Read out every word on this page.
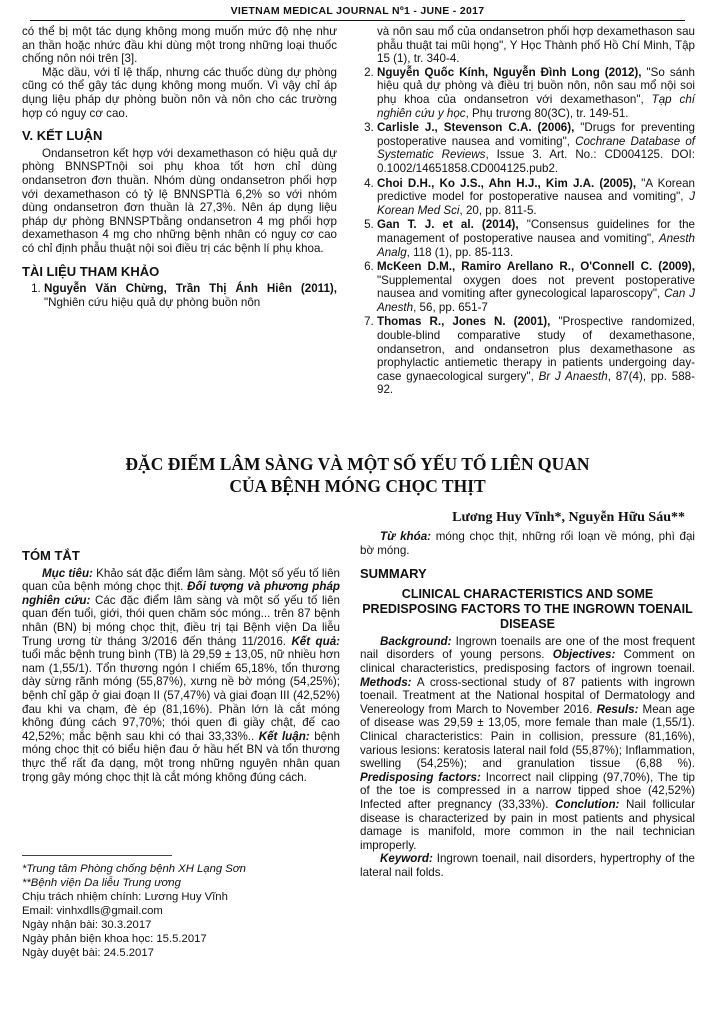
VIETNAM MEDICAL JOURNAL Nº1 - JUNE - 2017

có thể bị một tác dụng không mong muốn mức độ nhẹ như an thần hoặc nhức đầu khi dùng một trong những loại thuốc chống nôn nói trên [3].

Mặc dầu, với tỉ lệ thấp, nhưng các thuốc dùng dự phòng cũng có thể gây tác dụng không mong muốn. Vì vậy chỉ áp dụng liệu pháp dự phòng buồn nôn và nôn cho các trường hợp có nguy cơ cao.

V. KẾT LUẬN

Ondansetron kết hợp với dexamethason có hiệu quả dự phòng BNNSPTnội soi phụ khoa tốt hơn chỉ dùng ondansetron đơn thuần. Nhóm dùng ondansetron phối hợp với dexamethason có tỷ lệ BNNSPTlà 6,2% so với nhóm dùng ondansetron đơn thuần là 27,3%. Nên áp dụng liệu pháp dự phòng BNNSPTbằng ondansetron 4 mg phối hợp dexamethason 4 mg cho những bệnh nhân có nguy cơ cao có chỉ định phẫu thuật nội soi điều trị các bệnh lí phụ khoa.

TÀI LIỆU THAM KHẢO
1. Nguyễn Văn Chừng, Trần Thị Ánh Hiên (2011), "Nghiên cứu hiệu quả dự phòng buồn nôn
và nôn sau mổ của ondansetron phối hợp dexamethason sau phẫu thuật tai mũi họng", Y Học Thành phố Hồ Chí Minh, Tập 15 (1), tr. 340-4.
2. Nguyễn Quốc Kính, Nguyễn Đình Long (2012), "So sánh hiệu quả dự phòng và điều trị buồn nôn, nôn sau mổ nội soi phụ khoa của ondansetron với dexamethason", Tạp chí nghiên cứu y học, Phụ trương 80(3C), tr. 149-51.
3. Carlisle J., Stevenson C.A. (2006), "Drugs for preventing postoperative nausea and vomiting", Cochrane Database of Systematic Reviews, Issue 3. Art. No.: CD004125. DOI: 0.1002/14651858.CD004125.pub2.
4. Choi D.H., Ko J.S., Ahn H.J., Kim J.A. (2005), "A Korean predictive model for postoperative nausea and vomiting", J Korean Med Sci, 20, pp. 811-5.
5. Gan T. J. et al. (2014), "Consensus guidelines for the management of postoperative nausea and vomiting", Anesth Analg, 118 (1), pp. 85-113.
6. McKeen D.M., Ramiro Arellano R., O'Connell C. (2009), "Supplemental oxygen does not prevent postoperative nausea and vomiting after gynecological laparoscopy", Can J Anesth, 56, pp. 651-7
7. Thomas R., Jones N. (2001), "Prospective randomized, double-blind comparative study of dexamethasone, ondansetron, and ondansetron plus dexamethasone as prophylactic antiemetic therapy in patients undergoing day-case gynaecological surgery", Br J Anaesth, 87(4), pp. 588-92.
ĐẶC ĐIỂM LÂM SÀNG VÀ MỘT SỐ YẾU TỐ LIÊN QUAN
CỦA BỆNH MÓNG CHỌC THỊT
Lương Huy Vĩnh*, Nguyễn Hữu Sáu**
TÓM TẮT

Mục tiêu: Khảo sát đặc điểm lâm sàng. Một số yếu tố liên quan của bệnh móng chọc thịt. Đối tượng và phương pháp nghiên cứu: Các đặc điểm lâm sàng và một số yếu tố liên quan đến tuổi, giới, thói quen chăm sóc móng... trên 87 bệnh nhân (BN) bị móng chọc thịt, điều trị tại Bệnh viện Da liễu Trung ương từ tháng 3/2016 đến tháng 11/2016. Kết quả: tuổi mắc bệnh trung bình (TB) là 29,59 ± 13,05, nữ nhiều hơn nam (1,55/1). Tổn thương ngón I chiếm 65,18%, tổn thương dày sừng rãnh móng (55,87%), xưng nề bờ móng (54,25%); bệnh chỉ gặp ở giai đoạn II (57,47%) và giai đoạn III (42,52%) đau khi va chạm, đè ép (81,16%). Phần lớn là cắt móng không đúng cách 97,70%; thói quen đi giầy chật, đế cao 42,52%; mắc bệnh sau khi có thai 33,33%.. Kết luận: bệnh móng chọc thịt có biểu hiện đau ở hầu hết BN và tổn thương thực thể rất đa dạng, một trong những nguyên nhân quan trọng gây móng chọc thịt là cắt móng không đúng cách.

Từ khóa: móng chọc thịt, những rối loạn về móng, phì đại bờ móng.

SUMMARY
CLINICAL CHARACTERISTICS AND SOME PREDISPOSING FACTORS TO THE INGROWN TOENAIL DISEASE

Background: Ingrown toenails are one of the most frequent nail disorders of young persons. Objectives: Comment on clinical characteristics, predisposing factors of ingrown toenail. Methods: A cross-sectional study of 87 patients with ingrown toenail. Treatment at the National hospital of Dermatology and Venereology from March to November 2016. Resuls: Mean age of disease was 29,59 ± 13,05, more female than male (1,55/1). Clinical characteristics: Pain in collision, pressure (81,16%), various lesions: keratosis lateral nail fold (55,87%); Inflammation, swelling (54,25%); and granulation tissue (6,88 %). Predisposing factors: Incorrect nail clipping (97,70%), The tip of the toe is compressed in a narrow tipped shoe (42,52%) Infected after pregnancy (33,33%). Conclution: Nail follicular disease is characterized by pain in most patients and physical damage is manifold, more common in the nail technician improperly.

Keyword: Ingrown toenail, nail disorders, hypertrophy of the lateral nail folds.

*Trung tâm Phòng chống bệnh XH Lạng Sơn
**Bệnh viện Da liễu Trung ương
Chịu trách nhiệm chính: Lương Huy Vĩnh
Email: vinhxdlls@gmail.com
Ngày nhận bài: 30.3.2017
Ngày phản biện khoa học: 15.5.2017
Ngày duyệt bài: 24.5.2017
